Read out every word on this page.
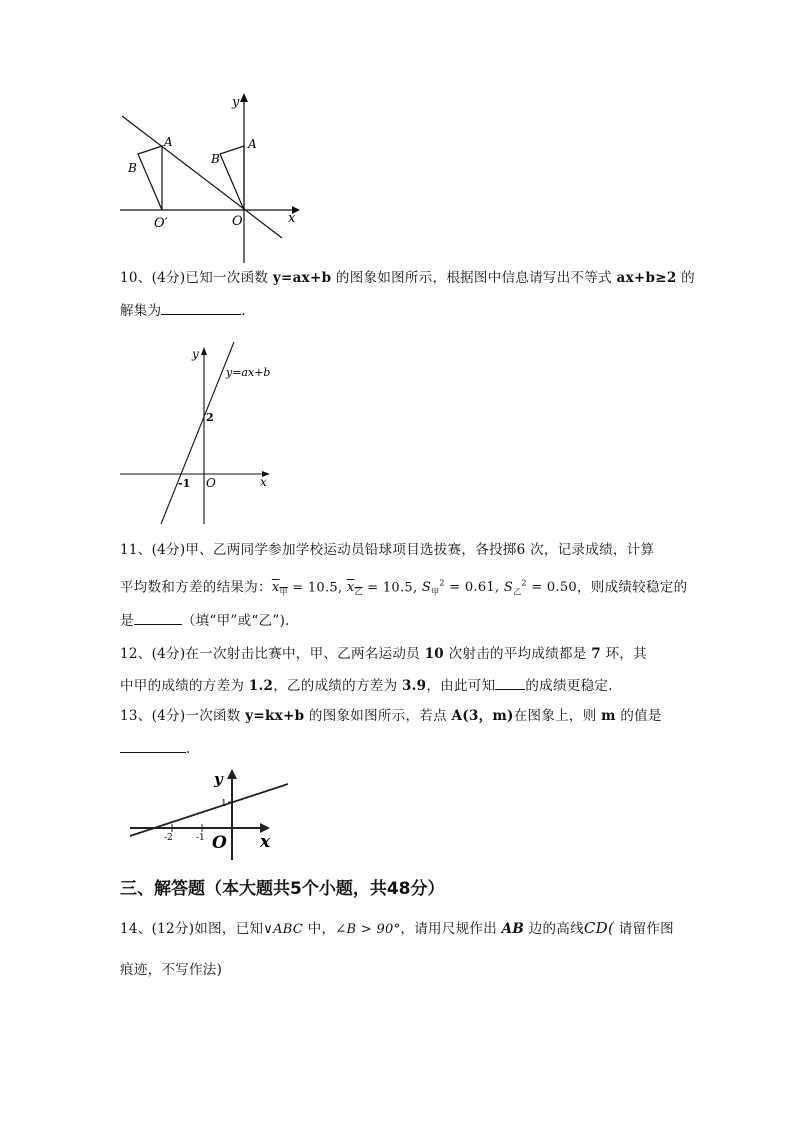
y
x
A
B
O′
A
B
O
10、(4分)已知一次函数 y=ax+b 的图象如图所示，根据图中信息请写出不等式 ax+b≥2 的
解集为	.
y
x
O
-1
2
y=ax+b
11、(4分)甲、乙两同学参加学校运动员铅球项目选拔赛，各投掷6 次，记录成绩，计算
平均数和方差的结果为：$x_甲 = 10.5$, $x_乙 = 10.5$, $S_甲^2 = 0.61$, $S_乙^2 = 0.50$，则成绩较稳定的
是	（填“甲”或“乙”).
12、(4分)在一次射击比赛中，甲、乙两名运动员 10 次射击的平均成绩都是 7 环，其
中甲的成绩的方差为 1.2，乙的成绩的方差为 3.9，由此可知 的成绩更稳定.
13、(4分)一次函数 y=kx+b 的图象如图所示，若点 A(3，m)在图象上，则 m 的值是
.
y
x
O
-2	-1
1
三、解答题（本大题共5个小题，共48分）
14、(12分)如图，已知∨ABC 中，∠B > 90°，请用尺规作出 AB 边的高线CD( 请留作图
痕迹，不写作法)
